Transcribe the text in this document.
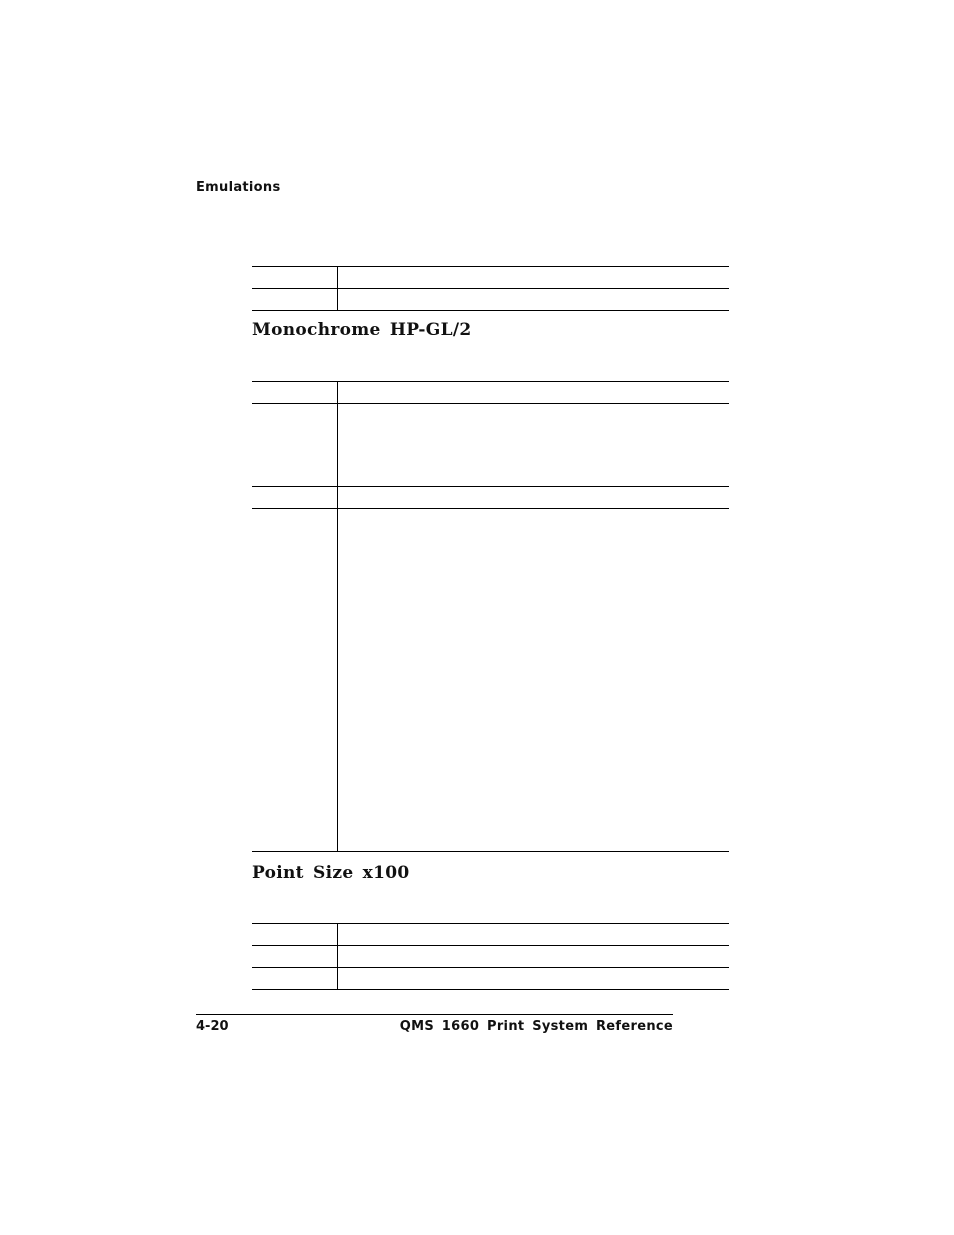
Emulations

Monochrome HP-GL/2

Point Size x100

4-20	QMS 1660 Print System Reference
